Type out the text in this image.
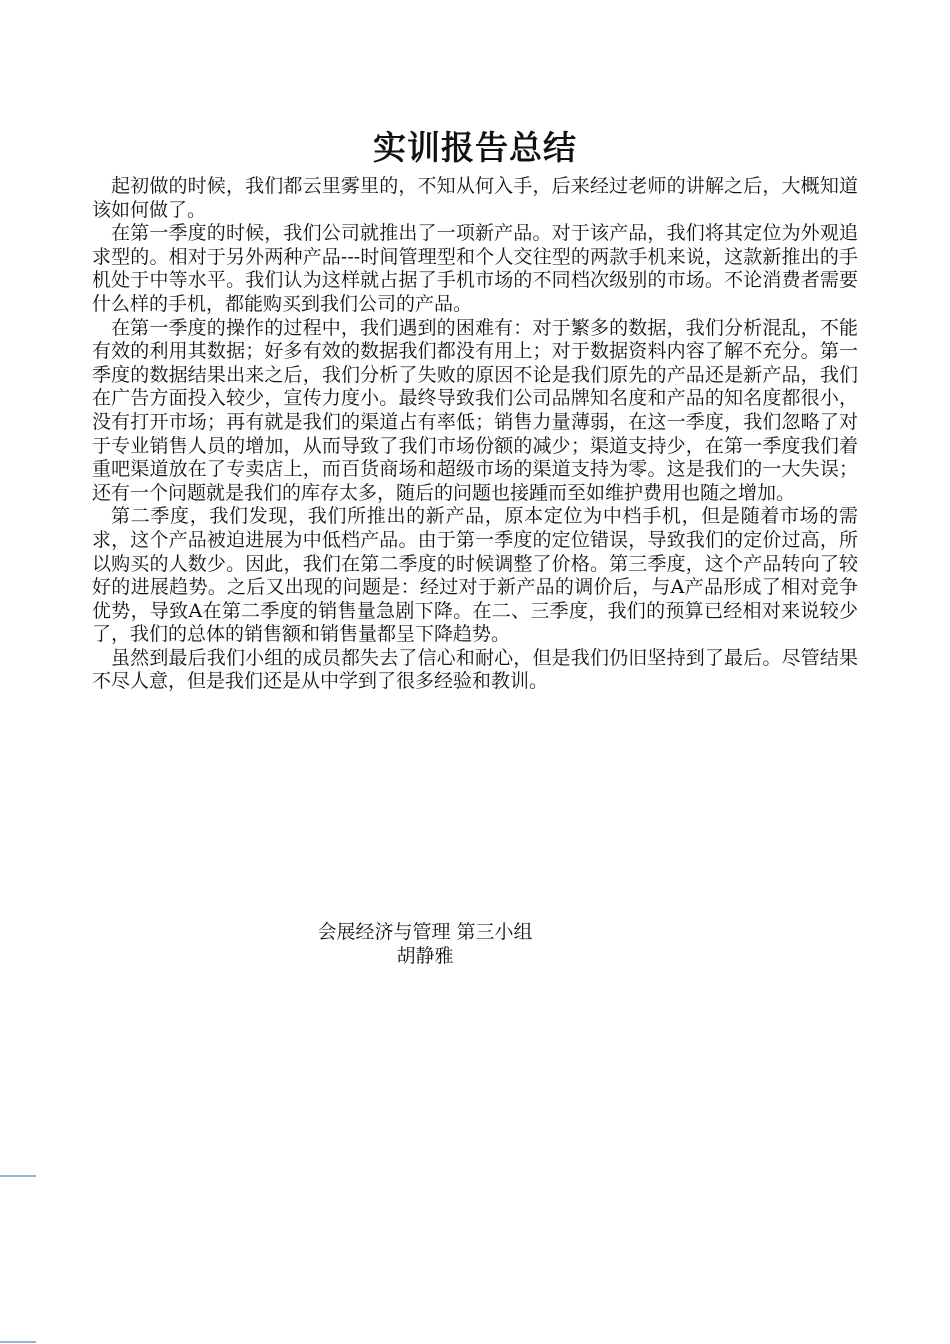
实训报告总结

起初做的时候，我们都云里雾里的，不知从何入手，后来经过老师的讲解之后，大概知道该如何做了。

在第一季度的时候，我们公司就推出了一项新产品。对于该产品，我们将其定位为外观追求型的。相对于另外两种产品---时间管理型和个人交往型的两款手机来说，这款新推出的手机处于中等水平。我们认为这样就占据了手机市场的不同档次级别的市场。不论消费者需要什么样的手机，都能购买到我们公司的产品。

在第一季度的操作的过程中，我们遇到的困难有：对于繁多的数据，我们分析混乱，不能有效的利用其数据；好多有效的数据我们都没有用上；对于数据资料内容了解不充分。第一季度的数据结果出来之后，我们分析了失败的原因不论是我们原先的产品还是新产品，我们在广告方面投入较少，宣传力度小。最终导致我们公司品牌知名度和产品的知名度都很小，没有打开市场；再有就是我们的渠道占有率低；销售力量薄弱，在这一季度，我们忽略了对于专业销售人员的增加，从而导致了我们市场份额的减少；渠道支持少，在第一季度我们着重吧渠道放在了专卖店上，而百货商场和超级市场的渠道支持为零。这是我们的一大失误；还有一个问题就是我们的库存太多，随后的问题也接踵而至如维护费用也随之增加。

第二季度，我们发现，我们所推出的新产品，原本定位为中档手机，但是随着市场的需求，这个产品被迫进展为中低档产品。由于第一季度的定位错误，导致我们的定价过高，所以购买的人数少。因此，我们在第二季度的时候调整了价格。第三季度，这个产品转向了较好的进展趋势。之后又出现的问题是：经过对于新产品的调价后，与A产品形成了相对竞争优势，导致A在第二季度的销售量急剧下降。在二、三季度，我们的预算已经相对来说较少了，我们的总体的销售额和销售量都呈下降趋势。

虽然到最后我们小组的成员都失去了信心和耐心，但是我们仍旧坚持到了最后。尽管结果不尽人意，但是我们还是从中学到了很多经验和教训。

会展经济与管理 第三小组
胡静雅
